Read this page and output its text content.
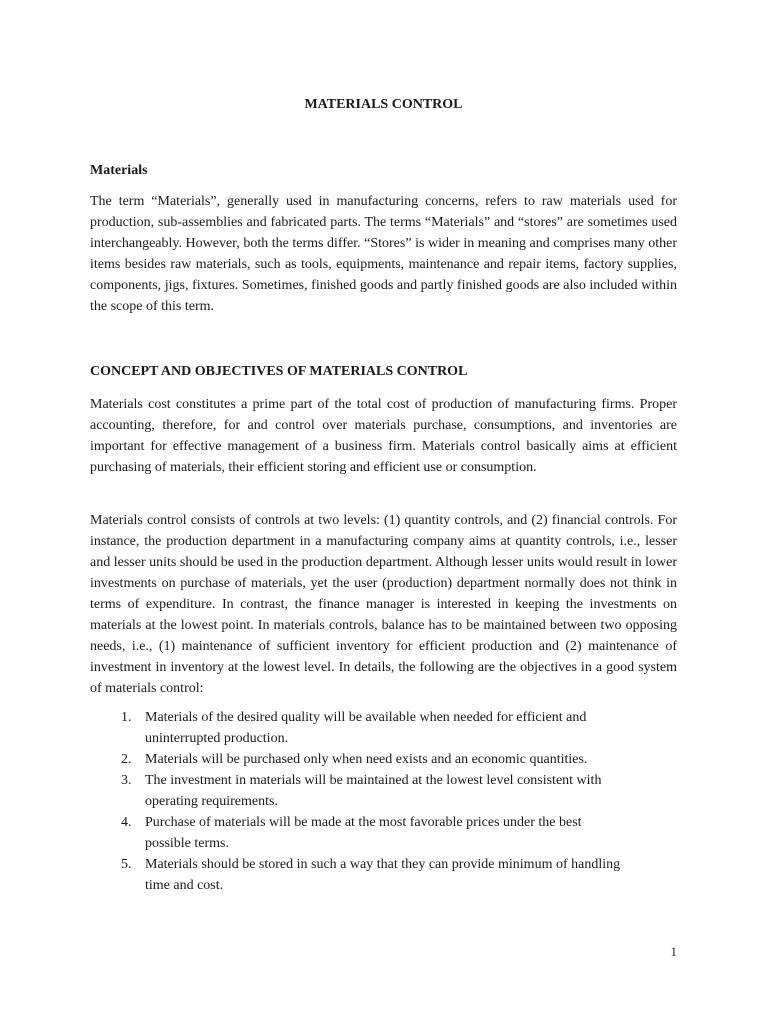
MATERIALS CONTROL
Materials

The term “Materials”, generally used in manufacturing concerns, refers to raw materials used for production, sub-assemblies and fabricated parts. The terms “Materials” and “stores” are sometimes used interchangeably. However, both the terms differ. “Stores” is wider in meaning and comprises many other items besides raw materials, such as tools, equipments, maintenance and repair items, factory supplies, components, jigs, fixtures. Sometimes, finished goods and partly finished goods are also included within the scope of this term.

CONCEPT AND OBJECTIVES OF MATERIALS CONTROL

Materials cost constitutes a prime part of the total cost of production of manufacturing firms. Proper accounting, therefore, for and control over materials purchase, consumptions, and inventories are important for effective management of a business firm. Materials control basically aims at efficient purchasing of materials, their efficient storing and efficient use or consumption.

Materials control consists of controls at two levels: (1) quantity controls, and (2) financial controls. For instance, the production department in a manufacturing company aims at quantity controls, i.e., lesser and lesser units should be used in the production department. Although lesser units would result in lower investments on purchase of materials, yet the user (production) department normally does not think in terms of expenditure. In contrast, the finance manager is interested in keeping the investments on materials at the lowest point. In materials controls, balance has to be maintained between two opposing needs, i.e., (1) maintenance of sufficient inventory for efficient production and (2) maintenance of investment in inventory at the lowest level. In details, the following are the objectives in a good system of materials control:

1. Materials of the desired quality will be available when needed for efficient and uninterrupted production.
2. Materials will be purchased only when need exists and an economic quantities.
3. The investment in materials will be maintained at the lowest level consistent with operating requirements.
4. Purchase of materials will be made at the most favorable prices under the best possible terms.
5. Materials should be stored in such a way that they can provide minimum of handling time and cost.
1
